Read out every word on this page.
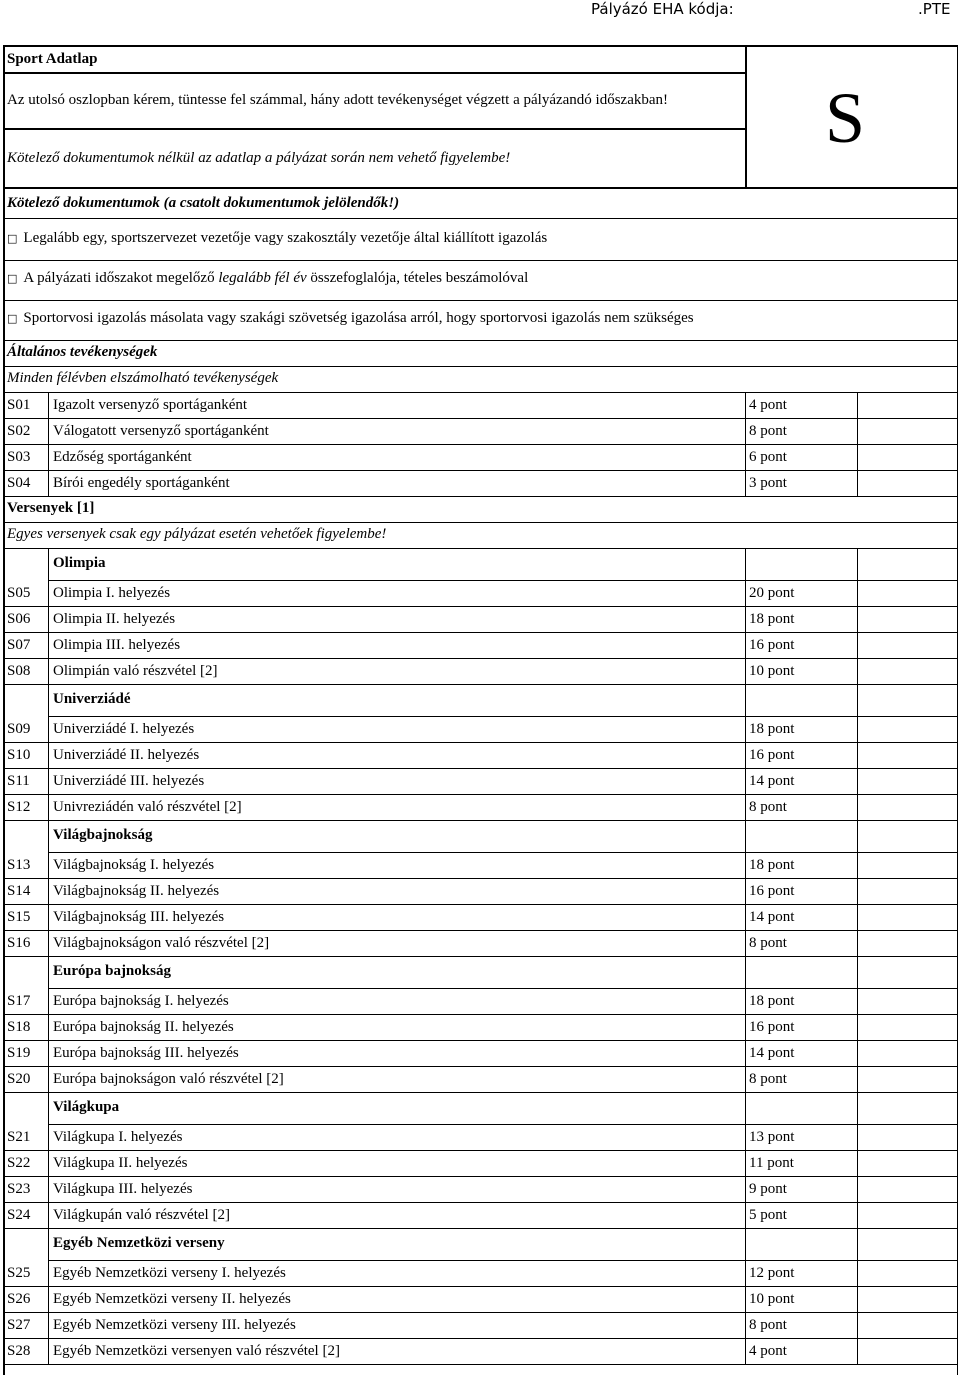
Pályázó EHA kódja:	.PTE
Sport Adatlap
Az utolsó oszlopban kérem, tüntesse fel számmal, hány adott tevékenységet végzett a pályázandó időszakban!
Kötelező dokumentumok nélkül az adatlap a pályázat során nem vehető figyelembe!	S
Kötelező dokumentumok (a csatolt dokumentumok jelölendők!)
□ Legalább egy, sportszervezet vezetője vagy szakosztály vezetője által kiállított igazolás
□ A pályázati időszakot megelőző legalább fél év összefoglalója, tételes beszámolóval
□ Sportorvosi igazolás másolata vagy szakági szövetség igazolása arról, hogy sportorvosi igazolás nem szükséges
Általános tevékenységek
Minden félévben elszámolható tevékenységek
S01 Igazolt versenyző sportáganként	4 pont
S02 Válogatott versenyző sportáganként	8 pont
S03 Edzőség sportáganként	6 pont
S04 Bírói engedély sportáganként	3 pont
Versenyek [1]
Egyes versenyek csak egy pályázat esetén vehetőek figyelembe!
Olimpia
S05 Olimpia I. helyezés	20 pont
S06 Olimpia II. helyezés	18 pont
S07 Olimpia III. helyezés	16 pont
S08 Olimpián való részvétel [2]	10 pont
Univerziádé
S09 Univerziádé I. helyezés	18 pont
S10 Univerziádé II. helyezés	16 pont
S11 Univerziádé III. helyezés	14 pont
S12 Univreziádén való részvétel [2]	8 pont
Világbajnokság
S13 Világbajnokság I. helyezés	18 pont
S14 Világbajnokság II. helyezés	16 pont
S15 Világbajnokság III. helyezés	14 pont
S16 Világbajnokságon való részvétel [2]	8 pont
Európa bajnokság
S17 Európa bajnokság I. helyezés	18 pont
S18 Európa bajnokság II. helyezés	16 pont
S19 Európa bajnokság III. helyezés	14 pont
S20 Európa bajnokságon való részvétel [2]	8 pont
Világkupa
S21 Világkupa I. helyezés	13 pont
S22 Világkupa II. helyezés	11 pont
S23 Világkupa III. helyezés	9 pont
S24 Világkupán való részvétel [2]	5 pont
Egyéb Nemzetközi verseny
S25 Egyéb Nemzetközi verseny I. helyezés	12 pont
S26 Egyéb Nemzetközi verseny II. helyezés	10 pont
S27 Egyéb Nemzetközi verseny III. helyezés	8 pont
S28 Egyéb Nemzetközi versenyen való részvétel [2]	4 pont
